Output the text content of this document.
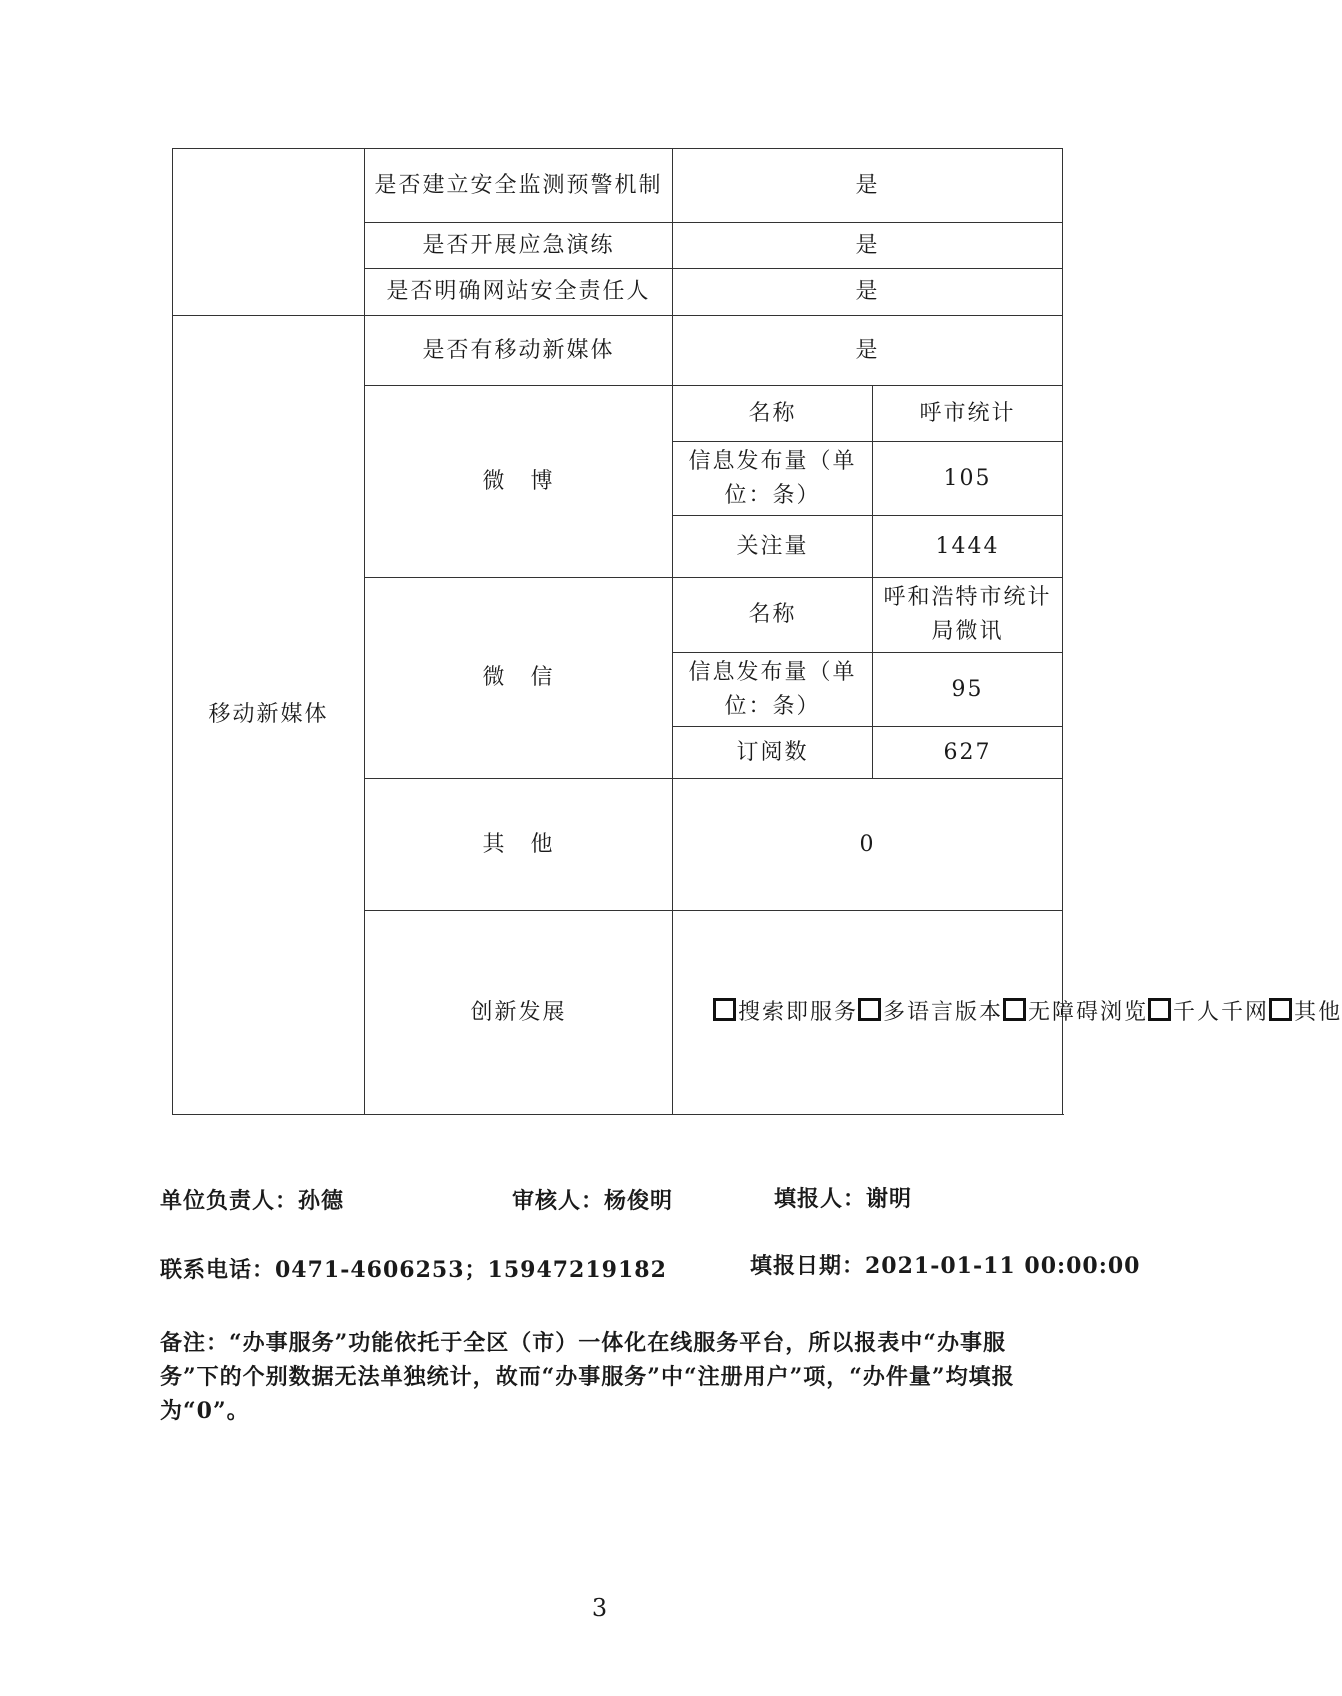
	是否建立安全监测预警机制	是	
	是否开展应急演练	是	
	是否明确网站安全责任人	是	
移动新媒体	是否有移动新媒体	是	
	微　博	名称	呼市统计
		信息发布量（单位：条）	105
		关注量	1444
	微　信	名称	呼和浩特市统计局微讯
		信息发布量（单位：条）	95
		订阅数	627
	其　他	0	
	创新发展	搜索即服务 多语言版本 无障碍浏览 千人千网 其他	
单位负责人：孙德	审核人：杨俊明	填报人：谢明
联系电话：0471-4606253；15947219182	填报日期：2021-01-11 00:00:00
备注：“办事服务”功能依托于全区（市）一体化在线服务平台，所以报表中“办事服务”下的个别数据无法单独统计，故而“办事服务”中“注册用户”项，“办件量”均填报为“0”。
3
